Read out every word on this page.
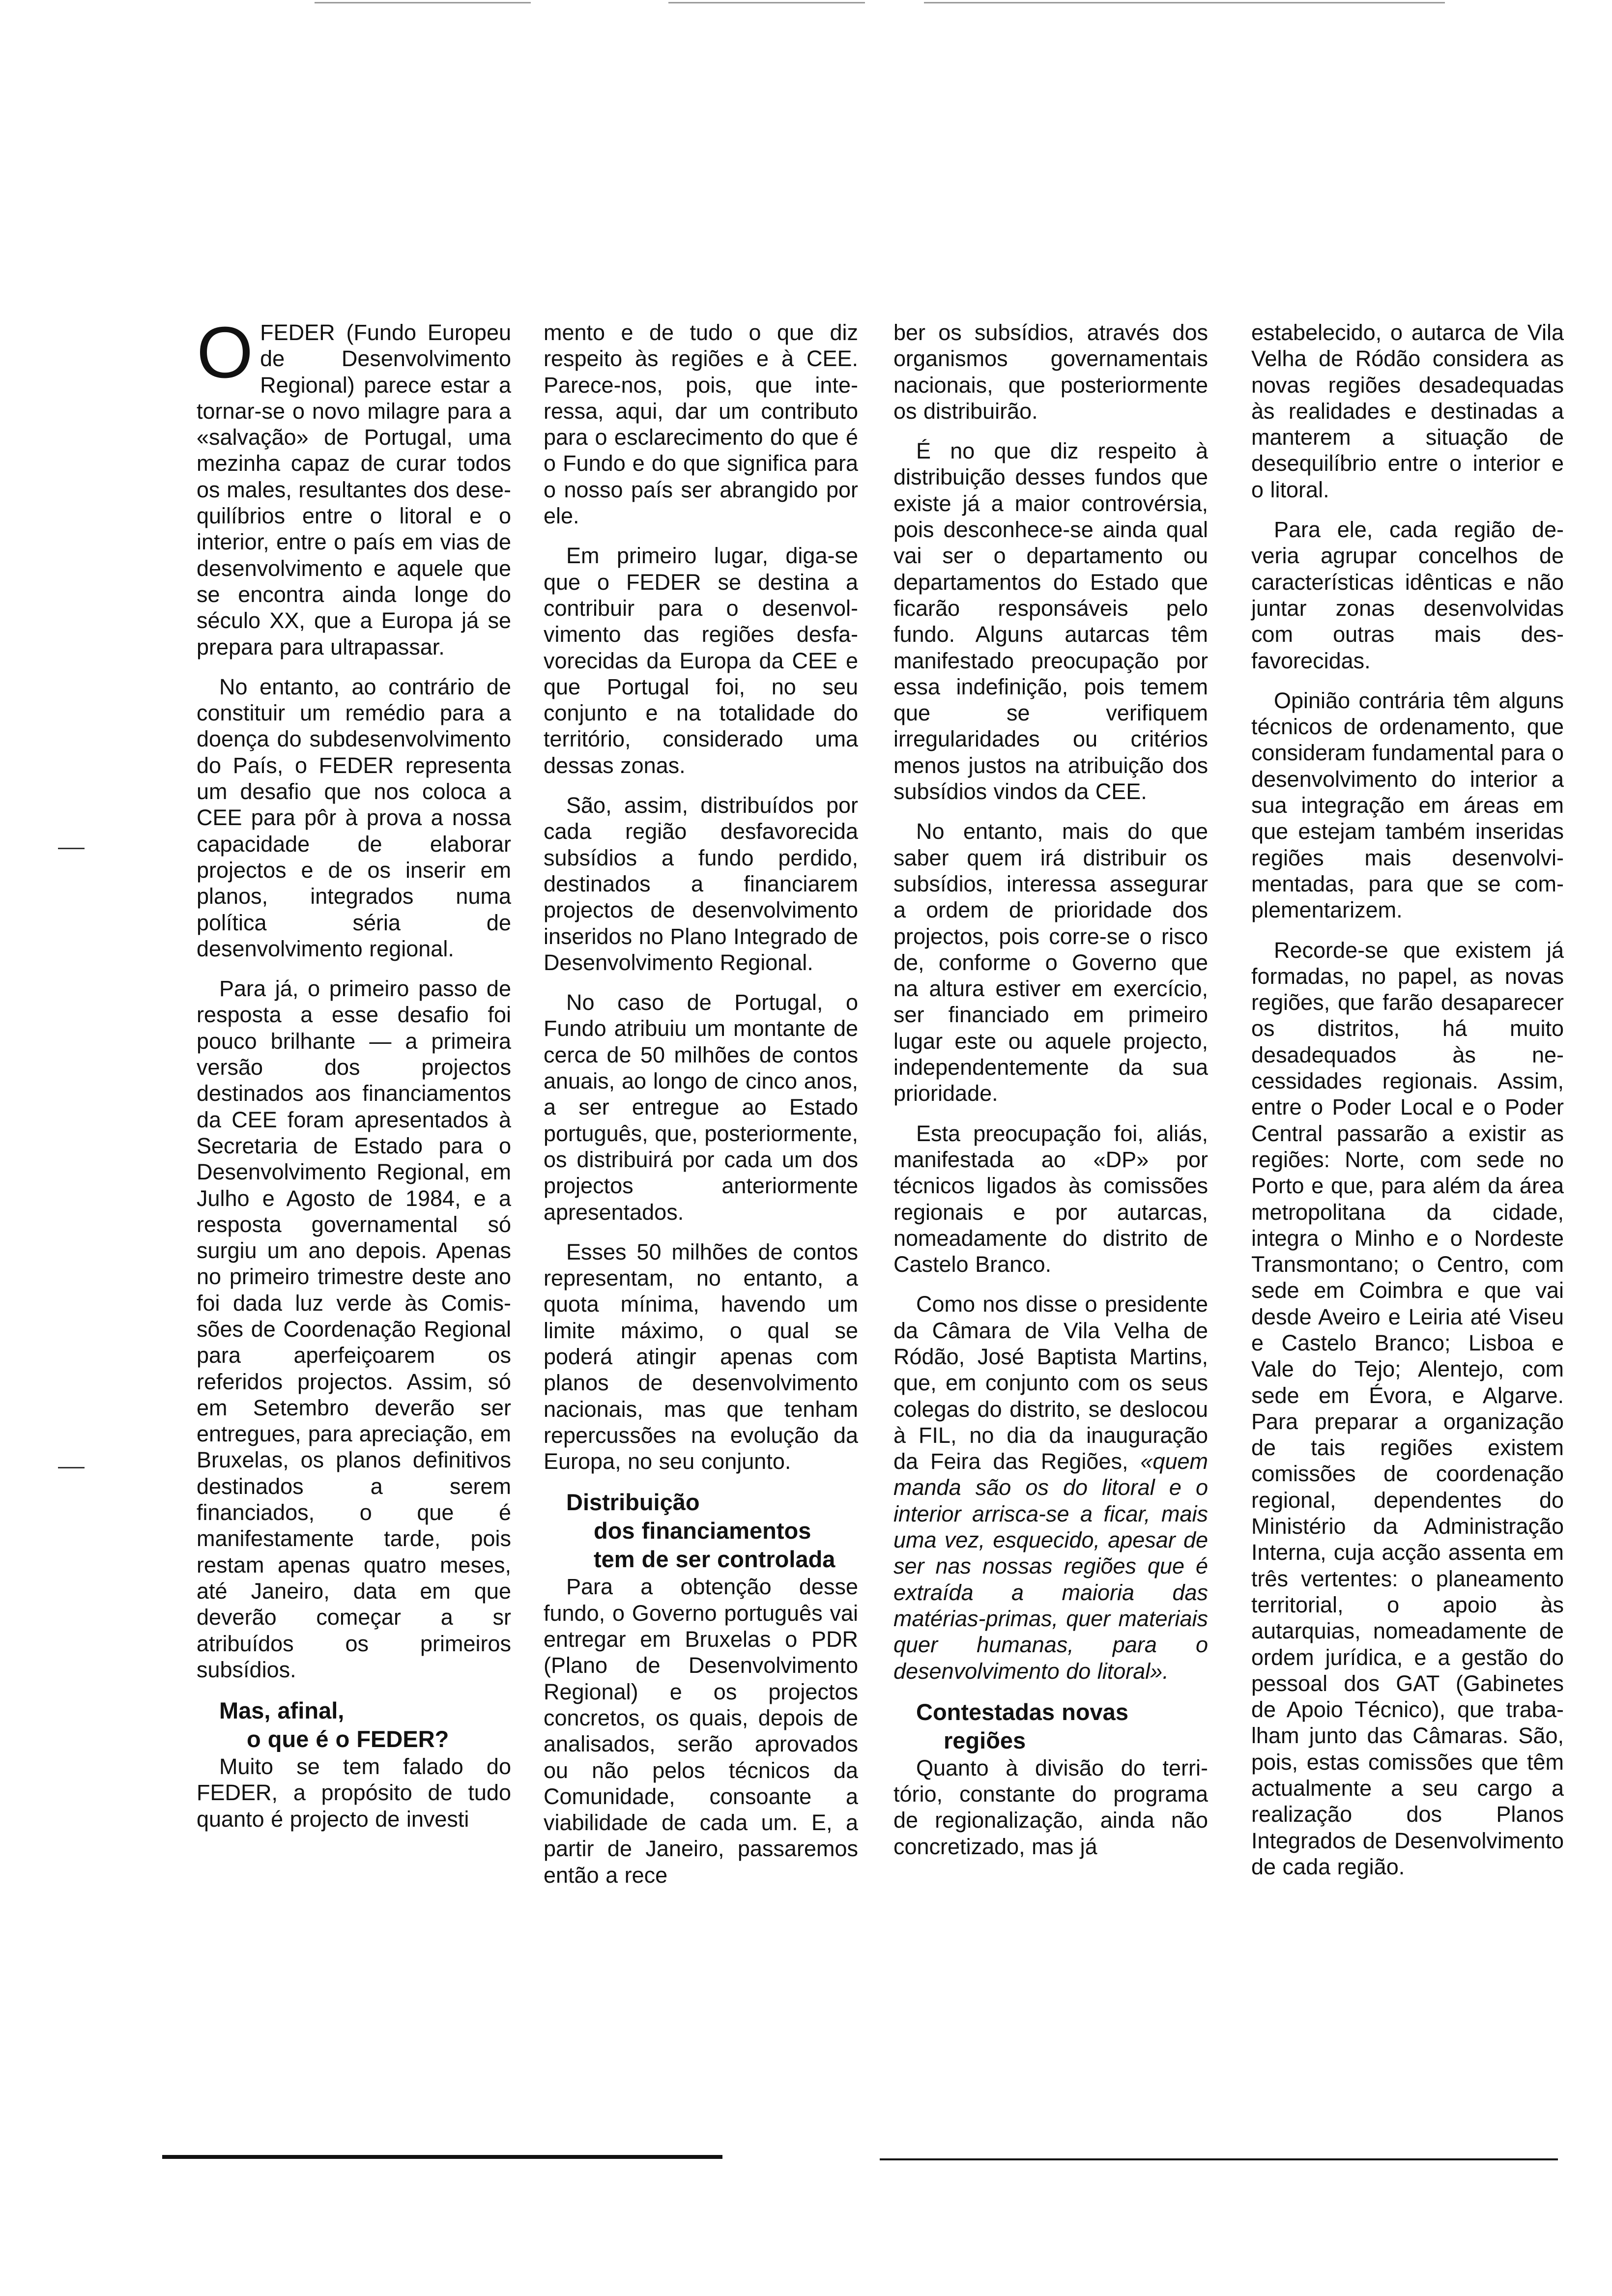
OFEDER (Fundo Europeu de Desenvolvimento Regional) parece estar a tornar-se o novo milagre para a «salvação» de Portugal, uma mezinha capaz de curar todos os males, resultantes dos desequilíbrios entre o litoral e o interior, entre o país em vias de desenvolvimento e aquele que se encontra ainda longe do século XX, que a Europa já se prepara para ultrapassar.

No entanto, ao contrário de constituir um remédio para a doença do subdesenvolvimento do País, o FEDER representa um desafio que nos coloca a CEE para pôr à prova a nossa capacidade de elaborar projectos e de os inserir em planos, integrados numa política séria de desenvolvimento regional.

Para já, o primeiro passo de resposta a esse desafio foi pouco brilhante — a primeira versão dos projectos destinados aos financiamentos da CEE foram apresentados à Secretaria de Estado para o Desenvolvimento Regional, em Julho e Agosto de 1984, e a resposta governamental só surgiu um ano depois. Apenas no primeiro trimestre deste ano foi dada luz verde às Comissões de Coordenação Regional para aperfeiçoarem os referidos projectos. Assim, só em Setembro deverão ser entregues, para apreciação, em Bruxelas, os planos definitivos destinados a serem financiados, o que é manifestamente tarde, pois restam apenas quatro meses, até Janeiro, data em que deverão começar a sr atribuídos os primeiros subsídios.

Mas, afinal,
o que é o FEDER?

Muito se tem falado do FEDER, a propósito de tudo quanto é projecto de investi

mento e de tudo o que diz respeito às regiões e à CEE. Parece-nos, pois, que interessa, aqui, dar um contributo para o esclarecimento do que é o Fundo e do que significa para o nosso país ser abrangido por ele.

Em primeiro lugar, diga-se que o FEDER se destina a contribuir para o desenvolvimento das regiões desfavorecidas da Europa da CEE e que Portugal foi, no seu conjunto e na totalidade do território, considerado uma dessas zonas.

São, assim, distribuídos por cada região desfavorecida subsídios a fundo perdido, destinados a financiarem projectos de desenvolvimento inseridos no Plano Integrado de Desenvolvimento Regional.

No caso de Portugal, o Fundo atribuiu um montante de cerca de 50 milhões de contos anuais, ao longo de cinco anos, a ser entregue ao Estado português, que, posteriormente, os distribuirá por cada um dos projectos anteriormente apresentados.

Esses 50 milhões de contos representam, no entanto, a quota mínima, havendo um limite máximo, o qual se poderá atingir apenas com planos de desenvolvimento nacionais, mas que tenham repercussões na evolução da Europa, no seu conjunto.

Distribuição
dos financiamentos
tem de ser controlada

Para a obtenção desse fundo, o Governo português vai entregar em Bruxelas o PDR (Plano de Desenvolvimento Regional) e os projectos concretos, os quais, depois de analisados, serão aprovados ou não pelos técnicos da Comunidade, consoante a viabilidade de cada um. E, a partir de Janeiro, passaremos então a rece

ber os subsídios, através dos organismos governamentais nacionais, que posteriormente os distribuirão.

É no que diz respeito à distribuição desses fundos que existe já a maior controvérsia, pois desconhece-se ainda qual vai ser o departamento ou departamentos do Estado que ficarão responsáveis pelo fundo. Alguns autarcas têm manifestado preocupação por essa indefinição, pois temem que se verifiquem irregularidades ou critérios menos justos na atribuição dos subsídios vindos da CEE.

No entanto, mais do que saber quem irá distribuir os subsídios, interessa assegurar a ordem de prioridade dos projectos, pois corre-se o risco de, conforme o Governo que na altura estiver em exercício, ser financiado em primeiro lugar este ou aquele projecto, independentemente da sua prioridade.

Esta preocupação foi, aliás, manifestada ao «DP» por técnicos ligados às comissões regionais e por autarcas, nomeadamente do distrito de Castelo Branco.

Como nos disse o presidente da Câmara de Vila Velha de Ródão, José Baptista Martins, que, em conjunto com os seus colegas do distrito, se deslocou à FIL, no dia da inauguração da Feira das Regiões, «quem manda são os do litoral e o interior arrisca-se a ficar, mais uma vez, esquecido, apesar de ser nas nossas regiões que é extraída a maioria das matérias-primas, quer materiais quer humanas, para o desenvolvimento do litoral».

Contestadas novas
regiões

Quanto à divisão do território, constante do programa de regionalização, ainda não concretizado, mas já

estabelecido, o autarca de Vila Velha de Ródão considera as novas regiões desadequadas às realidades e destinadas a manterem a situação de desequilíbrio entre o interior e o litoral.

Para ele, cada região deveria agrupar concelhos de características idênticas e não juntar zonas desenvolvidas com outras mais desfavorecidas.

Opinião contrária têm alguns técnicos de ordenamento, que consideram fundamental para o desenvolvimento do interior a sua integração em áreas em que estejam também inseridas regiões mais desenvolvimentadas, para que se complementarizem.

Recorde-se que existem já formadas, no papel, as novas regiões, que farão desaparecer os distritos, há muito desadequados às necessidades regionais. Assim, entre o Poder Local e o Poder Central passarão a existir as regiões: Norte, com sede no Porto e que, para além da área metropolitana da cidade, integra o Minho e o Nordeste Transmontano; o Centro, com sede em Coimbra e que vai desde Aveiro e Leiria até Viseu e Castelo Branco; Lisboa e Vale do Tejo; Alentejo, com sede em Évora, e Algarve. Para preparar a organização de tais regiões existem comissões de coordenação regional, dependentes do Ministério da Administração Interna, cuja acção assenta em três vertentes: o planeamento territorial, o apoio às autarquias, nomeadamente de ordem jurídica, e a gestão do pessoal dos GAT (Gabinetes de Apoio Técnico), que trabalham junto das Câmaras. São, pois, estas comissões que têm actualmente a seu cargo a realização dos Planos Integrados de Desenvolvimento de cada região.
